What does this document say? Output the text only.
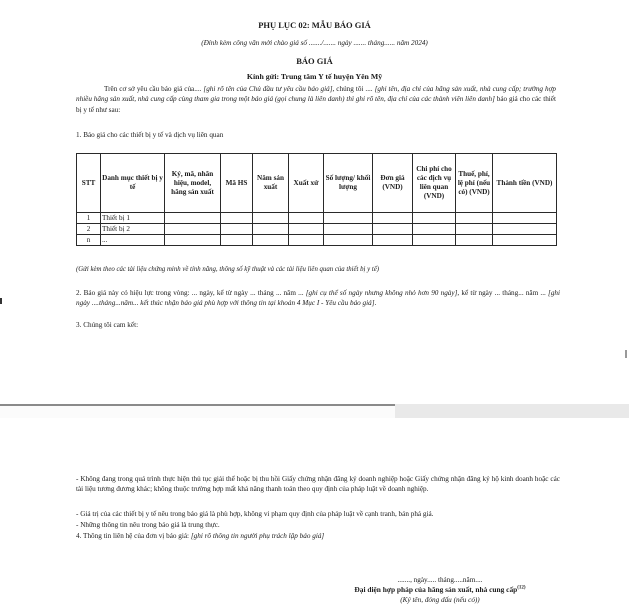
PHỤ LỤC 02: MẪU BÁO GIÁ
(Đính kèm công văn mời chào giá số ......./....... ngày ....... tháng...... năm 2024)
BÁO GIÁ
Kính gửi: Trung tâm Y tế huyện Yên Mỹ
Trên cơ sở yêu cầu báo giá của.... [ghi rõ tên của Chủ đầu tư yêu cầu báo giá], chúng tôi .... [ghi tên, địa chỉ của hãng sản xuất, nhà cung cấp; trường hợp nhiều hãng sản xuất, nhà cung cấp cùng tham gia trong một báo giá (gọi chung là liên danh) thì ghi rõ tên, địa chỉ của các thành viên liên danh] báo giá cho các thiết bị y tế như sau:
1. Báo giá cho các thiết bị y tế và dịch vụ liên quan
STT	Danh mục thiết bị y tế	Ký, mã, nhãn hiệu, model, hãng sản xuất	Mã HS	Năm sản xuất	Xuất xứ	Số lượng/ khối lượng	Đơn giá (VND)	Chi phí cho các dịch vụ liên quan (VND)	Thuế, phí, lệ phí (nếu có) (VND)	Thành tiền (VND)
1	Thiết bị 1									
2	Thiết bị 2									
n	...									
(Gửi kèm theo các tài liệu chứng minh về tính năng, thông số kỹ thuật và các tài liệu liên quan của thiết bị y tế)
2. Báo giá này có hiệu lực trong vòng: ... ngày, kể từ ngày ... tháng ... năm ... [ghi cụ thể số ngày nhưng không nhỏ hơn 90 ngày], kể từ ngày ... tháng... năm ... [ghi ngày ....tháng...năm... kết thúc nhận báo giá phù hợp với thông tin tại khoản 4 Mục I - Yêu cầu báo giá].
3. Chúng tôi cam kết:
- Không đang trong quá trình thực hiện thủ tục giải thể hoặc bị thu hồi Giấy chứng nhận đăng ký doanh nghiệp hoặc Giấy chứng nhận đăng ký hộ kinh doanh hoặc các tài liệu tương đương khác; không thuộc trường hợp mất khả năng thanh toán theo quy định của pháp luật về doanh nghiệp.
- Giá trị của các thiết bị y tế nêu trong báo giá là phù hợp, không vi phạm quy định của pháp luật về cạnh tranh, bán phá giá.
- Những thông tin nêu trong báo giá là trung thực.
4. Thông tin liên hệ của đơn vị báo giá: [ghi rõ thông tin người phụ trách lập báo giá]
......., ngày..... tháng.....năm....
Đại diện hợp pháp của hãng sản xuất, nhà cung cấp$^{(12)}$
(Ký tên, đóng dấu (nếu có))
